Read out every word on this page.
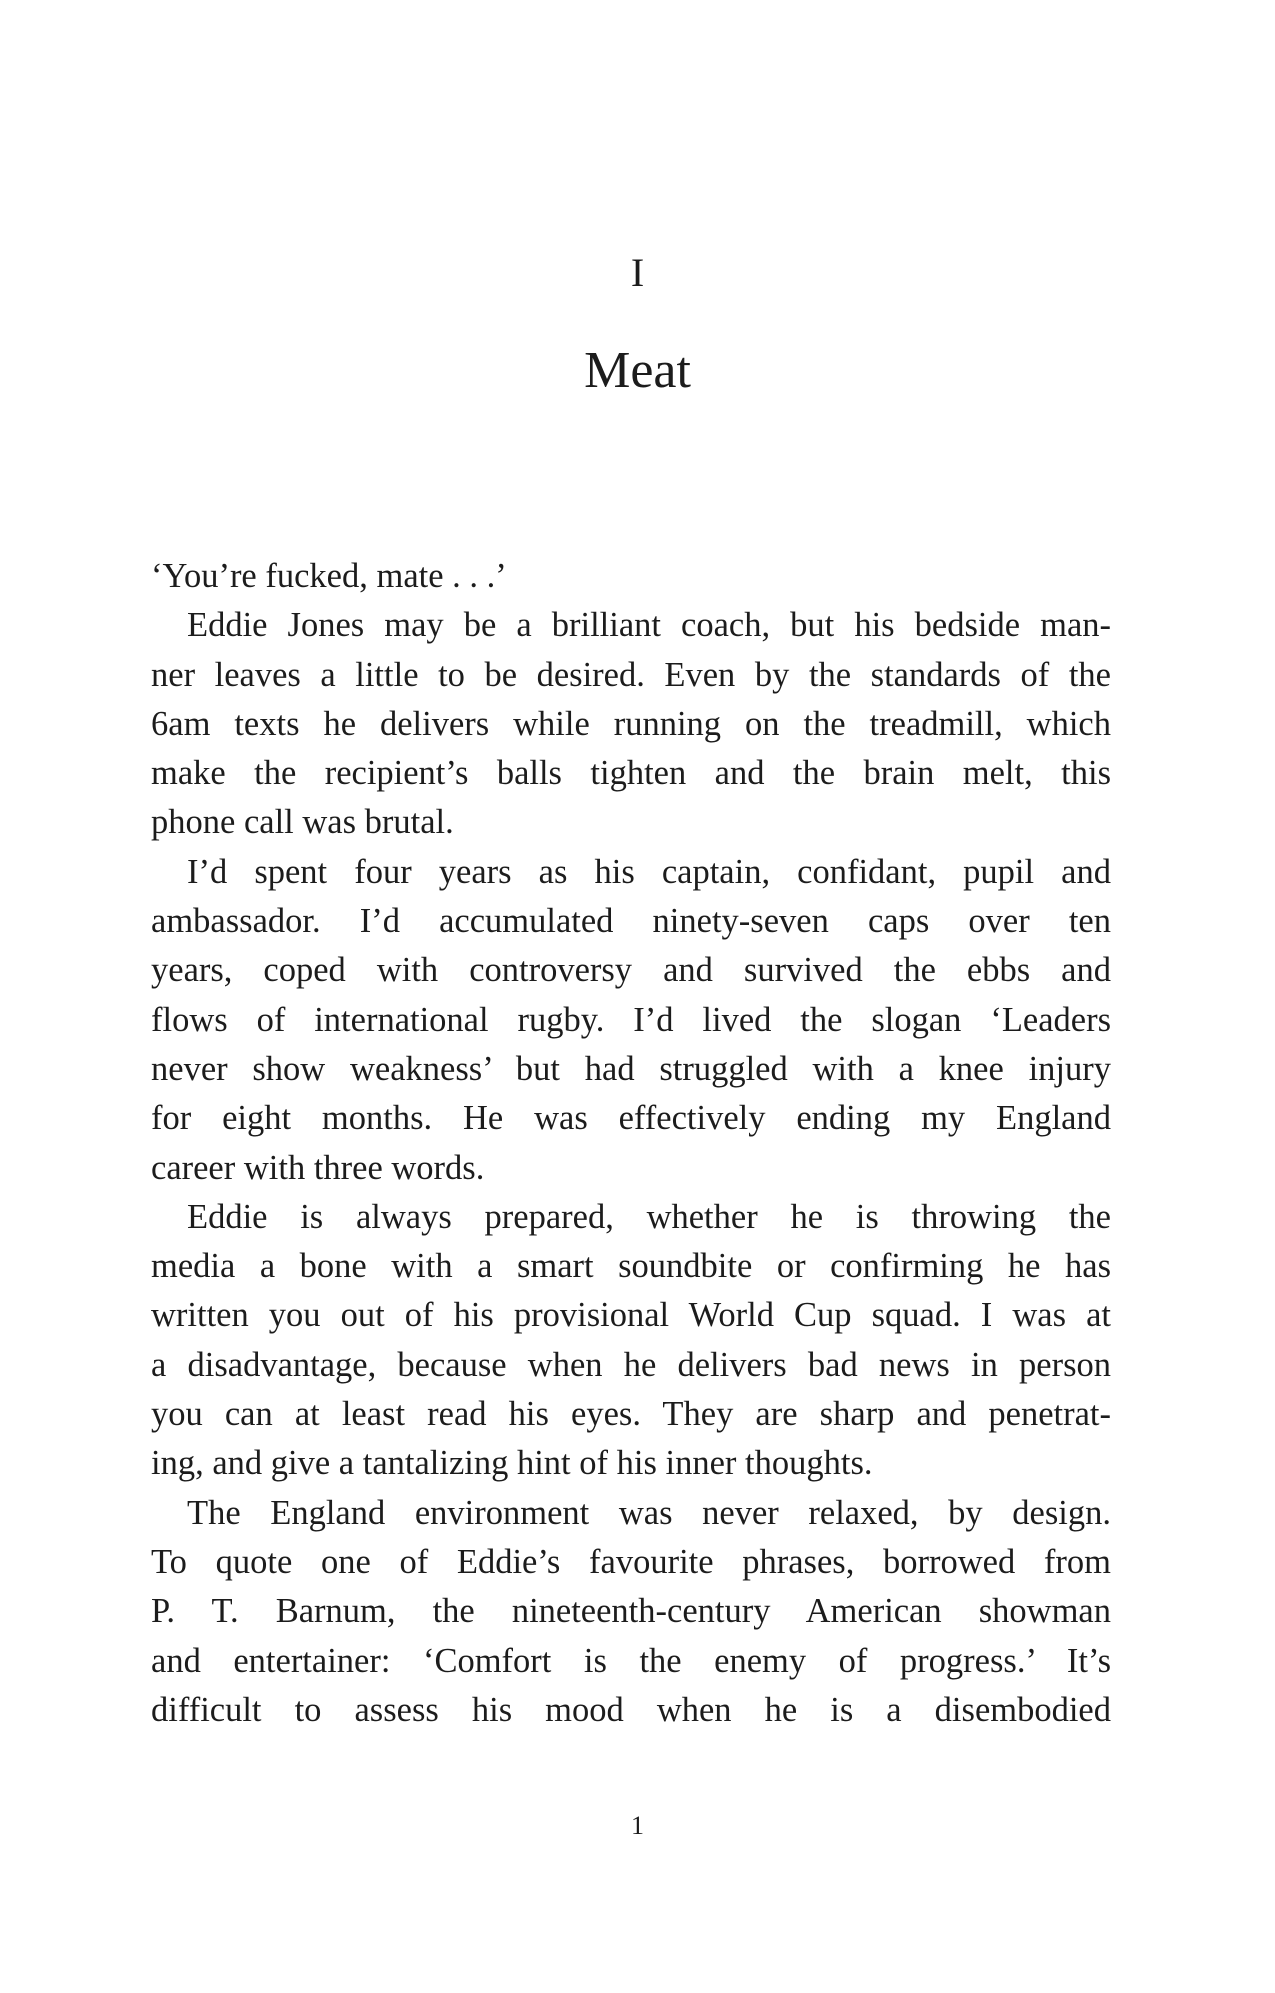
I
Meat
‘You’re fucked, mate . . .’
Eddie Jones may be a brilliant coach, but his bedside man-
ner leaves a little to be desired. Even by the standards of the
6am texts he delivers while running on the treadmill, which
make the recipient’s balls tighten and the brain melt, this
phone call was brutal.
I’d spent four years as his captain, confidant, pupil and
ambassador. I’d accumulated ninety-seven caps over ten
years, coped with controversy and survived the ebbs and
flows of international rugby. I’d lived the slogan ‘Leaders
never show weakness’ but had struggled with a knee injury
for eight months. He was effectively ending my England
career with three words.
Eddie is always prepared, whether he is throwing the
media a bone with a smart soundbite or confirming he has
written you out of his provisional World Cup squad. I was at
a disadvantage, because when he delivers bad news in person
you can at least read his eyes. They are sharp and penetrat-
ing, and give a tantalizing hint of his inner thoughts.
The England environment was never relaxed, by design.
To quote one of Eddie’s favourite phrases, borrowed from
P. T. Barnum, the nineteenth-century American showman
and entertainer: ‘Comfort is the enemy of progress.’ It’s
difficult to assess his mood when he is a disembodied
1
